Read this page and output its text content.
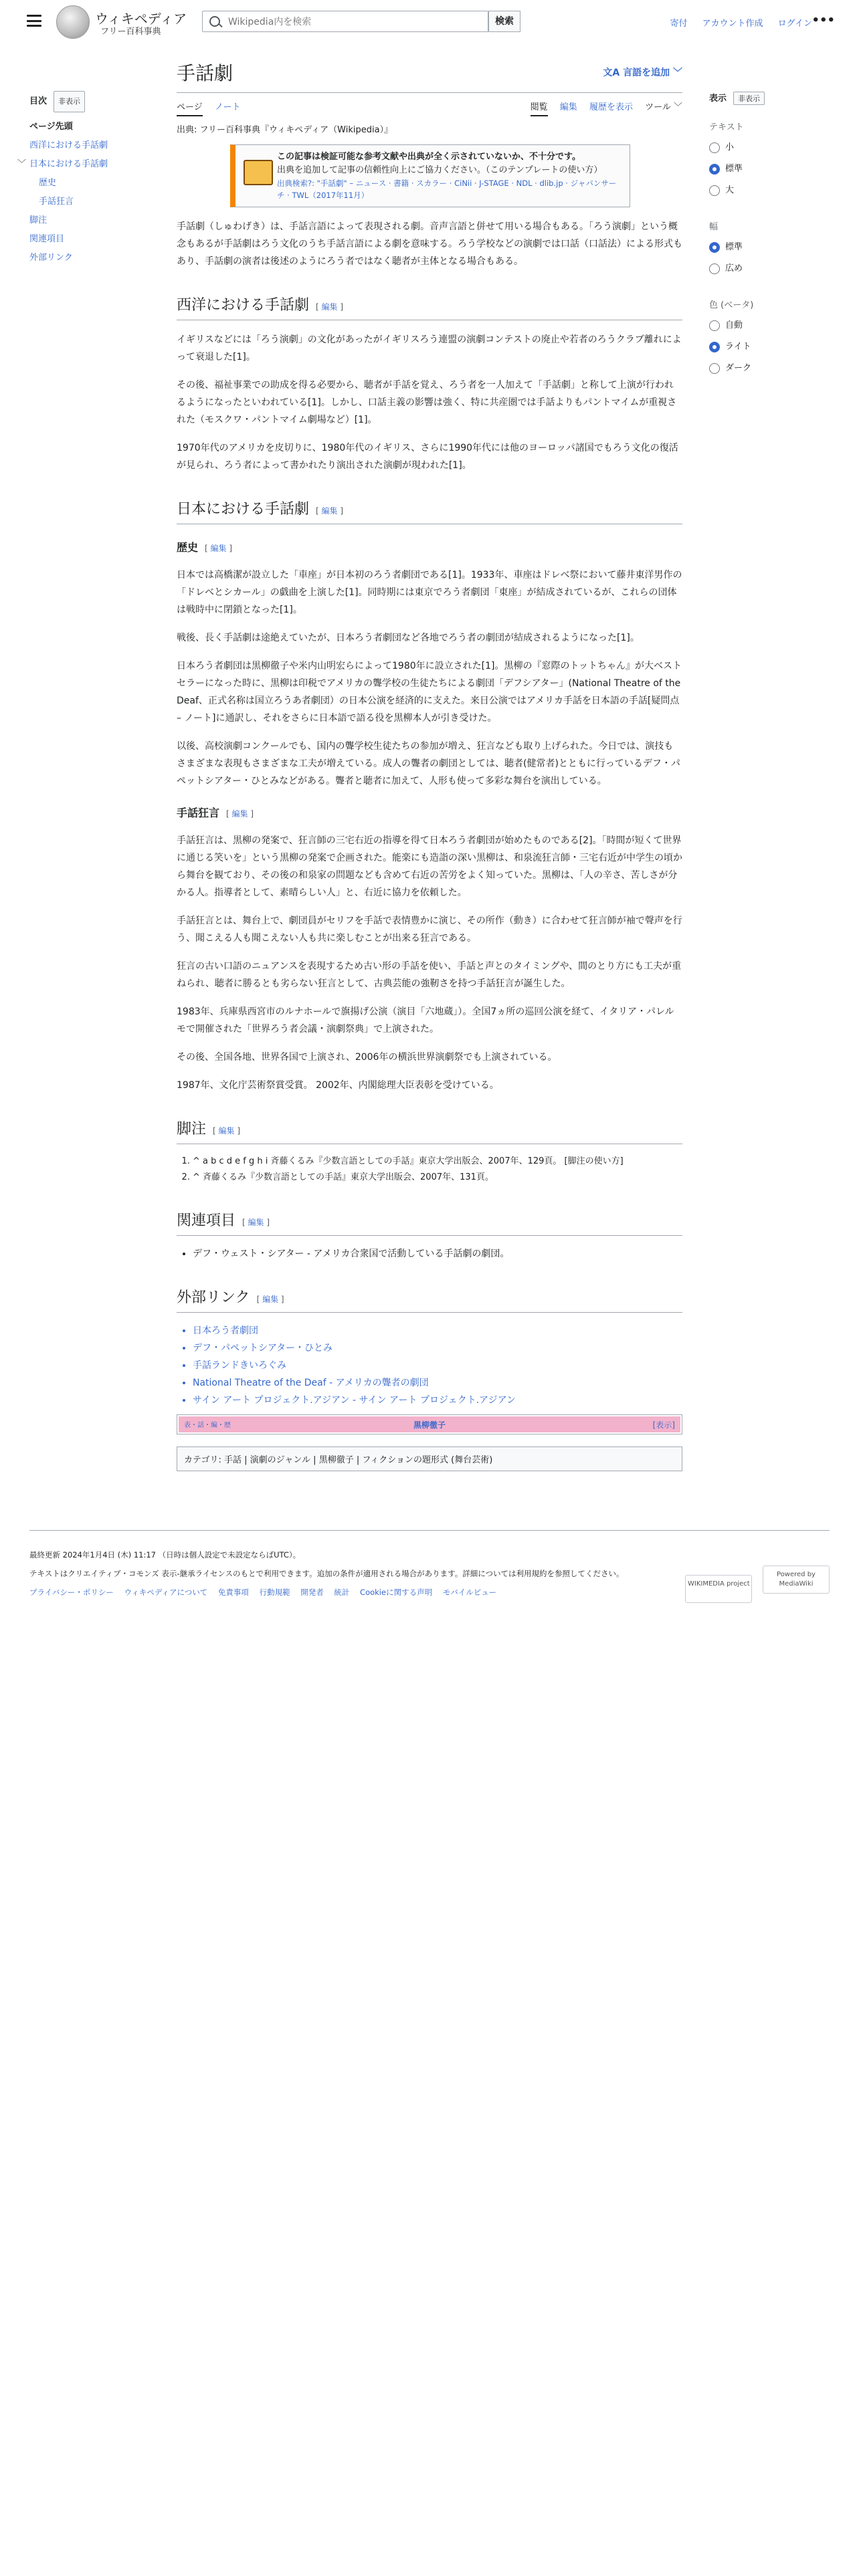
ウィキペディア
フリー百科事典
Wikipedia内を検索
検索	寄付 アカウント作成 ログイン •••
目次 非表示
ページ先頭
西洋における手話劇
﹀ 日本における手話劇
歴史
手話狂言
脚注
関連項目
外部リンク
手話劇	文A 言語を追加 ﹀
ページ ノート	閲覧 編集 履歴を表示 ツール ﹀
出典: フリー百科事典『ウィキペディア（Wikipedia）』
この記事は検証可能な参考文献や出典が全く示されていないか、不十分です。
出典を追加して記事の信頼性向上にご協力ください。（このテンプレートの使い方）
出典検索?: "手話劇" – ニュース · 書籍 · スカラー · CiNii · J-STAGE · NDL · dlib.jp · ジャパンサーチ · TWL（2017年11月）

手話劇（しゅわげき）は、手話言語によって表現される劇。音声言語と併せて用いる場合もある。「ろう演劇」という概念もあるが手話劇はろう文化のうち手話言語による劇を意味する。ろう学校などの演劇では口話（口話法）による形式もあり、手話劇の演者は後述のようにろう者ではなく聴者が主体となる場合もある。

西洋における手話劇 [ 編集 ]

イギリスなどには「ろう演劇」の文化があったがイギリスろう連盟の演劇コンテストの廃止や若者のろうクラブ離れによって衰退した[1]。

その後、福祉事業での助成を得る必要から、聴者が手話を覚え、ろう者を一人加えて「手話劇」と称して上演が行われるようになったといわれている[1]。しかし、口話主義の影響は強く、特に共産圏では手話よりもパントマイムが重視された（モスクワ・パントマイム劇場など）[1]。

1970年代のアメリカを皮切りに、1980年代のイギリス、さらに1990年代には他のヨーロッパ諸国でもろう文化の復活が見られ、ろう者によって書かれたり演出された演劇が現われた[1]。

日本における手話劇 [ 編集 ]
歴史 [ 編集 ]

日本では高橋潔が設立した「車座」が日本初のろう者劇団である[1]。1933年、車座はドレベ祭において藤井東洋男作の「ドレベとシカール」の戯曲を上演した[1]。同時期には東京でろう者劇団「東座」が結成されているが、これらの団体は戦時中に閉鎖となった[1]。

戦後、長く手話劇は途絶えていたが、日本ろう者劇団など各地でろう者の劇団が結成されるようになった[1]。

日本ろう者劇団は黒柳徹子や米内山明宏らによって1980年に設立された[1]。黒柳の『窓際のトットちゃん』が大ベストセラーになった時に、黒柳は印税でアメリカの聾学校の生徒たちによる劇団「デフシアター」(National Theatre of the Deaf、正式名称は国立ろうあ者劇団）の日本公演を経済的に支えた。来日公演ではアメリカ手話を日本語の手話[疑問点 – ノート]に通訳し、それをさらに日本語で語る役を黒柳本人が引き受けた。

以後、高校演劇コンクールでも、国内の聾学校生徒たちの参加が増え、狂言なども取り上げられた。今日では、演技もさまざまな表現もさまざまな工夫が増えている。成人の聾者の劇団としては、聴者(健常者)とともに行っているデフ・パペットシアター・ひとみなどがある。聾者と聴者に加えて、人形も使って多彩な舞台を演出している。

手話狂言 [ 編集 ]

手話狂言は、黒柳の発案で、狂言師の三宅右近の指導を得て日本ろう者劇団が始めたものである[2]。「時間が短くて世界に通じる笑いを」という黒柳の発案で企画された。能楽にも造詣の深い黒柳は、和泉流狂言師・三宅右近が中学生の頃から舞台を観ており、その後の和泉家の問題なども含めて右近の苦労をよく知っていた。黒柳は、「人の辛さ、苦しさが分かる人。指導者として、素晴らしい人」と、右近に協力を依頼した。

手話狂言とは、舞台上で、劇団員がセリフを手話で表情豊かに演じ、その所作（動き）に合わせて狂言師が袖で聲声を行う、聞こえる人も聞こえない人も共に楽しむことが出来る狂言である。

狂言の古い口語のニュアンスを表現するため古い形の手話を使い、手話と声とのタイミングや、間のとり方にも工夫が重ねられ、聴者に勝るとも劣らない狂言として、古典芸能の強靭さを持つ手話狂言が誕生した。

1983年、兵庫県西宮市のルナホールで旗揚げ公演（演目「六地蔵」）。全国7ヵ所の巡回公演を経て、イタリア・パレルモで開催された「世界ろう者会議・演劇祭典」で上演された。

その後、全国各地、世界各国で上演され、2006年の横浜世界演劇祭でも上演されている。

1987年、文化庁芸術祭賞受賞。 2002年、内閣総理大臣表彰を受けている。

脚注 [ 編集 ]
1. ^ a b c d e f g h i 斉藤くるみ『少数言語としての手話』東京大学出版会、2007年、129頁。 [脚注の使い方]
2. ^ 斉藤くるみ『少数言語としての手話』東京大学出版会、2007年、131頁。
関連項目 [ 編集 ]
• デフ・ウェスト・シアター - アメリカ合衆国で活動している手話劇の劇団。
外部リンク [ 編集 ]
• 日本ろう者劇団
• デフ・パペットシアター・ひとみ
• 手話ランドきいろぐみ
• National Theatre of the Deaf - アメリカの聾者の劇団
• サイン アート プロジェクト.アジアン - サイン アート プロジェクト.アジアン
表・話・編・歴	黒柳徹子	[表示]
カテゴリ: 手話 | 演劇のジャンル | 黒柳徹子 | フィクションの題形式 (舞台芸術)
表示 非表示
テキスト
小
標準
大
幅
標準
広め
色 (ベータ)
自動
ライト
ダーク
最終更新 2024年1月4日 (木) 11:17 （日時は個人設定で未設定ならばUTC）。
テキストはクリエイティブ・コモンズ 表示-継承ライセンスのもとで利用できます。追加の条件が適用される場合があります。詳細については利用規約を参照してください。
プライバシー・ポリシー ウィキペディアについて 免責事項 行動規範 開発者 統計 Cookieに関する声明 モバイルビュー
WIKIMEDIA project Powered by MediaWiki
